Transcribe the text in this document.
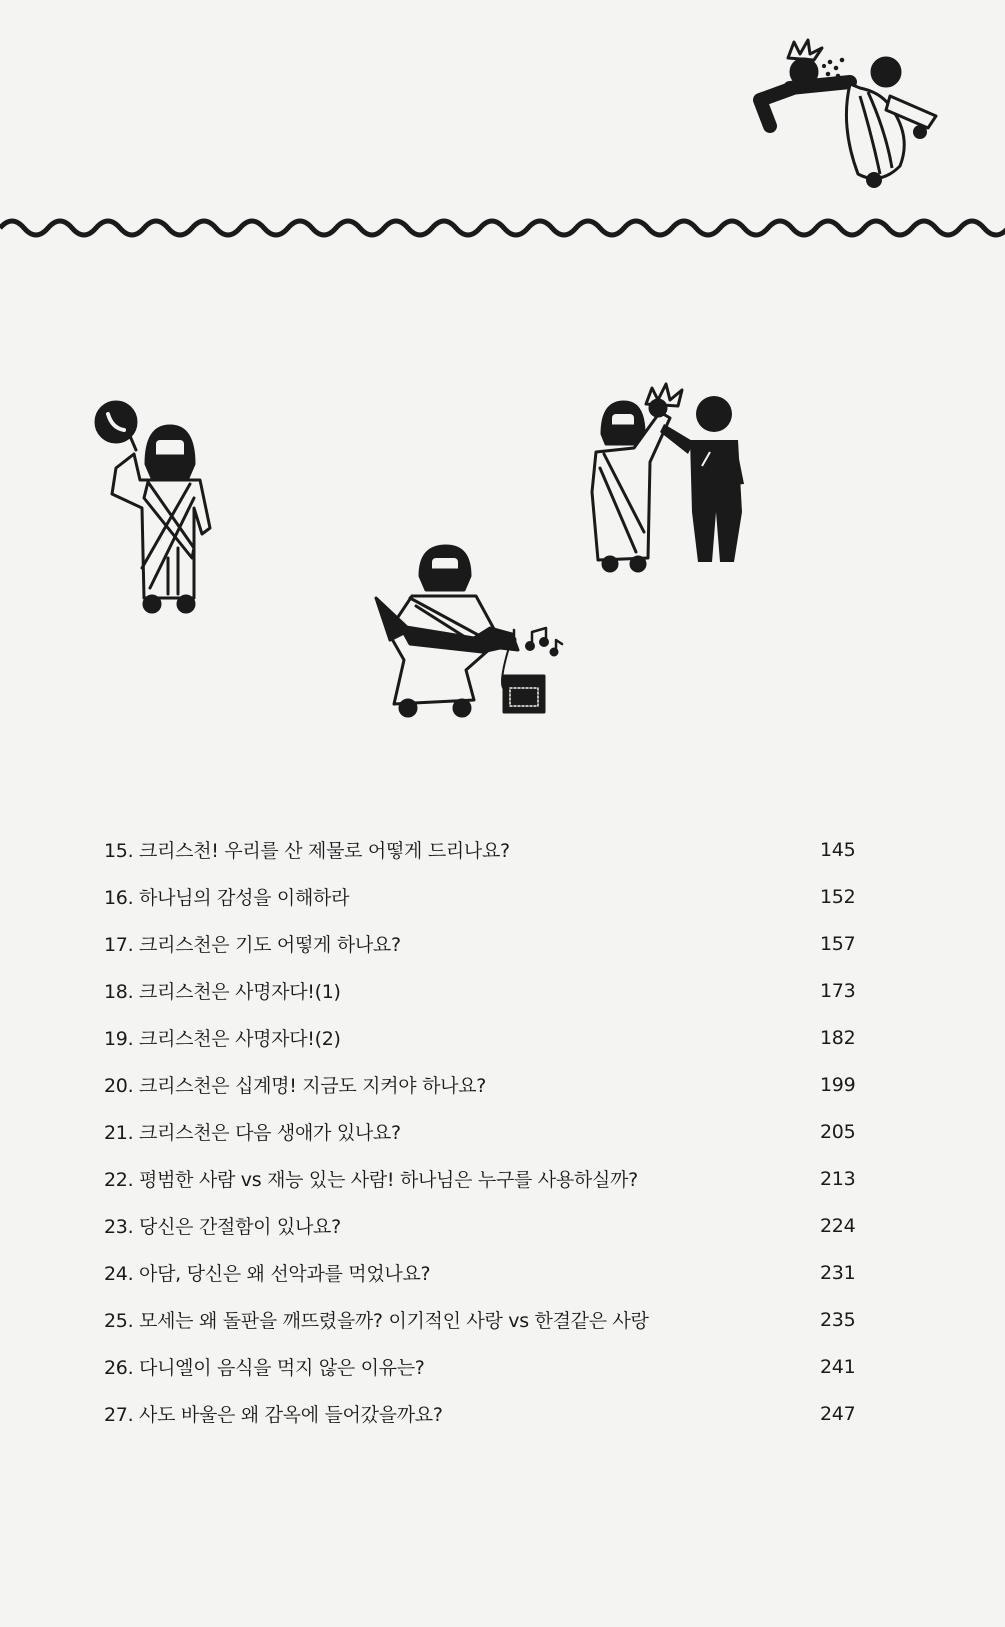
15. 크리스천! 우리를 산 제물로 어떻게 드리나요?	145
16. 하나님의 감성을 이해하라	152
17. 크리스천은 기도 어떻게 하나요?	157
18. 크리스천은 사명자다!(1)	173
19. 크리스천은 사명자다!(2)	182
20. 크리스천은 십계명! 지금도 지켜야 하나요?	199
21. 크리스천은 다음 생애가 있나요?	205
22. 평범한 사람 vs 재능 있는 사람! 하나님은 누구를 사용하실까?	213
23. 당신은 간절함이 있나요?	224
24. 아담, 당신은 왜 선악과를 먹었나요?	231
25. 모세는 왜 돌판을 깨뜨렸을까? 이기적인 사랑 vs 한결같은 사랑	235
26. 다니엘이 음식을 먹지 않은 이유는?	241
27. 사도 바울은 왜 감옥에 들어갔을까요?	247
